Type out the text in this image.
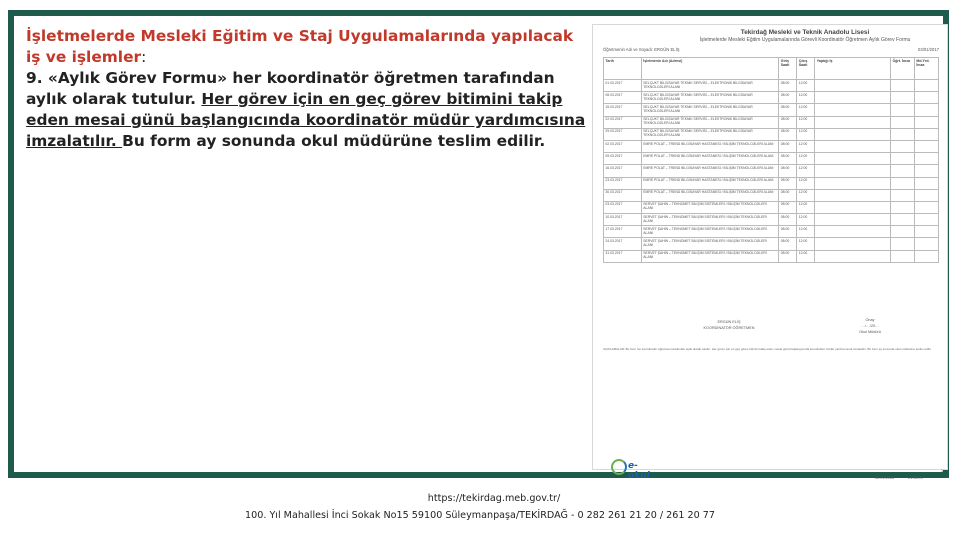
İşletmelerde Mesleki Eğitim ve Staj Uygulamalarında yapılacak iş ve işlemler:
9. «Aylık Görev Formu» her koordinatör öğretmen tarafından aylık olarak tutulur. Her görev için en geç görev bitimini takip eden mesai günü başlangıcında koordinatör müdür yardımcısına imzalatılır. Bu form ay sonunda okul müdürüne teslim edilir.
Tekirdağ Mesleki ve Teknik Anadolu Lisesi
İşletmelerde Mesleki Eğitim Uygulamalarında Görevli Koordinatör Öğretmen Aylık Görev Formu
Öğretmenin Adı ve Soyadı: ERGÜN ELİŞ	03/01/2017
Tarih	İşletmenin Adı (Adresi)	Giriş Saati	Çıkış Saati	Yaptığı İş	Öğrt. İmza	Md.Yrd. İmza
01.03.2017	SELÇUKT BİLGİSAYAR TEKNİK SERVİSİ – ELEKTRONİK BİLGİSAYAR TEKNOLOJİLERİ ALANI	08:00	12:00			
08.03.2017	SELÇUKT BİLGİSAYAR TEKNİK SERVİSİ – ELEKTRONİK BİLGİSAYAR TEKNOLOJİLERİ ALANI	08:00	12:00			
15.03.2017	SELÇUKT BİLGİSAYAR TEKNİK SERVİSİ – ELEKTRONİK BİLGİSAYAR TEKNOLOJİLERİ ALANI	08:00	12:00			
22.03.2017	SELÇUKT BİLGİSAYAR TEKNİK SERVİSİ – ELEKTRONİK BİLGİSAYAR TEKNOLOJİLERİ ALANI	08:00	12:00			
29.03.2017	SELÇUKT BİLGİSAYAR TEKNİK SERVİSİ – ELEKTRONİK BİLGİSAYAR TEKNOLOJİLERİ ALANI	08:00	12:00			
02.03.2017	EMRE POLAT – TREND BİLGİSAYAR HASTANESİ / BİLİŞİM TEKNOLOJİLERİ ALANI	08:00	12:00			
09.03.2017	EMRE POLAT – TREND BİLGİSAYAR HASTANESİ / BİLİŞİM TEKNOLOJİLERİ ALANI	08:00	12:00			
16.03.2017	EMRE POLAT – TREND BİLGİSAYAR HASTANESİ / BİLİŞİM TEKNOLOJİLERİ ALANI	08:00	12:00			
23.03.2017	EMRE POLAT – TREND BİLGİSAYAR HASTANESİ / BİLİŞİM TEKNOLOJİLERİ ALANI	08:00	12:00			
30.03.2017	EMRE POLAT – TREND BİLGİSAYAR HASTANESİ / BİLİŞİM TEKNOLOJİLERİ ALANI	08:00	12:00			
03.03.2017	SERVET ŞAHİN – TEKNOMET BİLİŞİM SİSTEMLERİ / BİLİŞİM TEKNOLOJİLERİ ALANI	08:00	12:00			
10.03.2017	SERVET ŞAHİN – TEKNOMET BİLİŞİM SİSTEMLERİ / BİLİŞİM TEKNOLOJİLERİ ALANI	08:00	12:00			
17.03.2017	SERVET ŞAHİN – TEKNOMET BİLİŞİM SİSTEMLERİ / BİLİŞİM TEKNOLOJİLERİ ALANI	08:00	12:00			
24.03.2017	SERVET ŞAHİN – TEKNOMET BİLİŞİM SİSTEMLERİ / BİLİŞİM TEKNOLOJİLERİ ALANI	08:00	12:00			
31.03.2017	SERVET ŞAHİN – TEKNOMET BİLİŞİM SİSTEMLERİ / BİLİŞİM TEKNOLOJİLERİ ALANI	08:00	12:00			
ERGÜN ELİŞ
KOORDİNATÖR ÖĞRETMEN
Onay
…/…/20…
Okul Müdürü
AÇIKLAMALAR: Bu form her koordinatör öğretmen tarafından aylık olarak tutulur. Her görev için en geç görev bitimini takip eden mesai günü başlangıcında koordinatör müdür yardımcısına imzalatılır. Bu form ay sonunda okul müdürüne teslim edilir.
e-okul	06.01.2018	21:36:09
1
https://tekirdag.meb.gov.tr/
100. Yıl Mahallesi İnci Sokak No15 59100 Süleymanpaşa/TEKİRDAĞ - 0 282 261 21 20 / 261 20 77
